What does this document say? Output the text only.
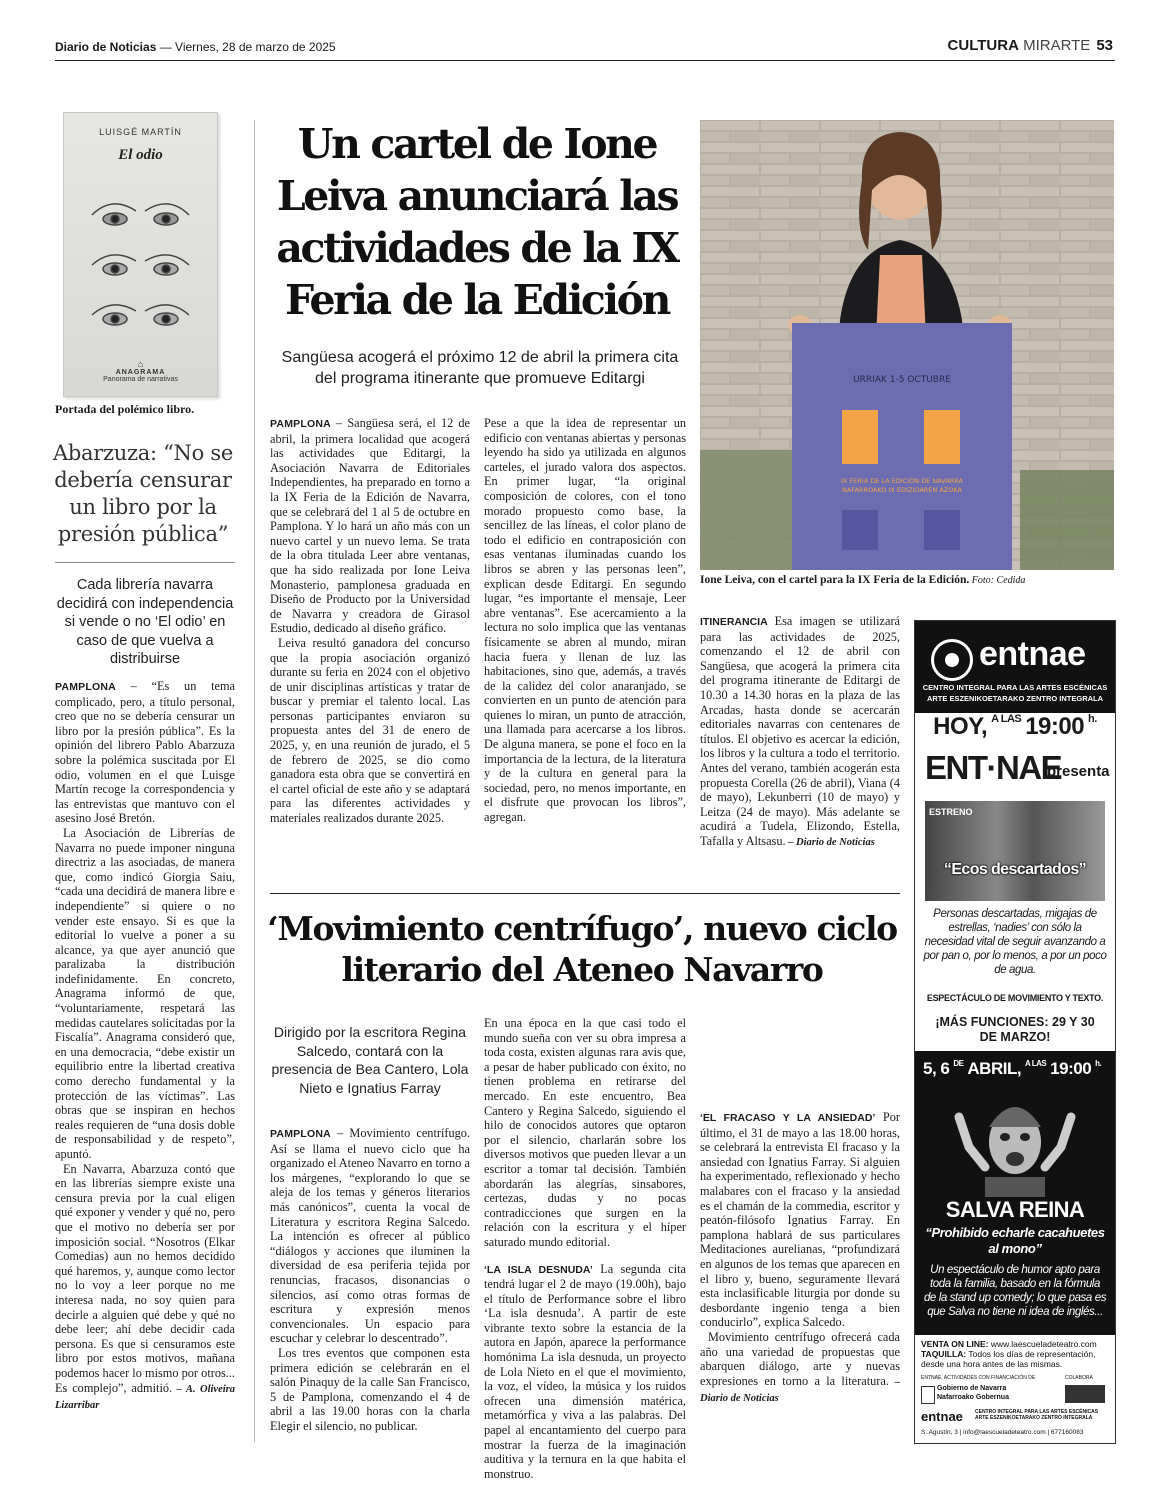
Diario de Noticias — Viernes, 28 de marzo de 2025	CULTURA MIRARTE 53
LUISGÉ MARTÍN
El odio
⌂
ANAGRAMA
Panorama de narrativas
Portada del polémico libro.
Abarzuza: “No se debería censurar un libro por la presión pública”
Cada librería navarra decidirá con independencia si vende o no ‘El odio’ en caso de que vuelva a distribuirse

PAMPLONA – “Es un tema complicado, pero, a título personal, creo que no se debería censurar un libro por la presión pública”. Es la opinión del librero Pablo Abarzuza sobre la polémica suscitada por El odio, volumen en el que Luisge Martín recoge la correspondencia y las entrevistas que mantuvo con el asesino José Bretón.

La Asociación de Librerías de Navarra no puede imponer ninguna directriz a las asociadas, de manera que, como indicó Giorgia Saiu, “cada una decidirá de manera libre e independiente” si quiere o no vender este ensayo. Si es que la editorial lo vuelve a poner a su alcance, ya que ayer anunció que paralizaba la distribución indefinidamente. En concreto, Anagrama informó de que, “voluntariamente, respetará las medidas cautelares solicitadas por la Fiscalía”. Anagrama consideró que, en una democracia, “debe existir un equilibrio entre la libertad creativa como derecho fundamental y la protección de las víctimas”. Las obras que se inspiran en hechos reales requieren de “una dosis doble de responsabilidad y de respeto”, apuntó.

En Navarra, Abarzuza contó que en las librerías siempre existe una censura previa por la cual eligen qué exponer y vender y qué no, pero que el motivo no debería ser por imposición social. “Nosotros (Elkar Comedias) aun no hemos decidido qué haremos, y, aunque como lector no lo voy a leer porque no me interesa nada, no soy quien para decirle a alguien qué debe y qué no debe leer; ahí debe decidir cada persona. Es que si censuramos este libro por estos motivos, mañana podemos hacer lo mismo por otros... Es complejo”, admitió. – A. Oliveira Lizarribar

Un cartel de Ione Leiva anunciará las actividades de la IX Feria de la Edición
Sangüesa acogerá el próximo 12 de abril la primera cita del programa itinerante que promueve Editargi

PAMPLONA – Sangüesa será, el 12 de abril, la primera localidad que acogerá las actividades que Editargi, la Asociación Navarra de Editoriales Independientes, ha preparado en torno a la IX Feria de la Edición de Navarra, que se celebrará del 1 al 5 de octubre en Pamplona. Y lo hará un año más con un nuevo cartel y un nuevo lema. Se trata de la obra titulada Leer abre ventanas, que ha sido realizada por Ione Leiva Monasterio, pamplonesa graduada en Diseño de Producto por la Universidad de Navarra y creadora de Girasol Estudio, dedicado al diseño gráfico.

Leiva resultó ganadora del concurso que la propia asociación organizó durante su feria en 2024 con el objetivo de unir disciplinas artísticas y tratar de buscar y premiar el talento local. Las personas participantes enviaron su propuesta antes del 31 de enero de 2025, y, en una reunión de jurado, el 5 de febrero de 2025, se dio como ganadora esta obra que se convertirá en el cartel oficial de este año y se adaptará para las diferentes actividades y materiales realizados durante 2025.

Pese a que la idea de representar un edificio con ventanas abiertas y personas leyendo ha sido ya utilizada en algunos carteles, el jurado valora dos aspectos. En primer lugar, “la original composición de colores, con el tono morado propuesto como base, la sencillez de las líneas, el color plano de todo el edificio en contraposición con esas ventanas iluminadas cuando los libros se abren y las personas leen”, explican desde Editargi. En segundo lugar, “es importante el mensaje, Leer abre ventanas”. Ese acercamiento a la lectura no solo implica que las ventanas físicamente se abren al mundo, miran hacia fuera y llenan de luz las habitaciones, sino que, además, a través de la calidez del color anaranjado, se convierten en un punto de atención para quienes lo miran, un punto de atracción, una llamada para acercarse a los libros. De alguna manera, se pone el foco en la importancia de la lectura, de la literatura y de la cultura en general para la sociedad, pero, no menos importante, en el disfrute que provocan los libros”, agregan.

URRIAK 1-5 OCTUBRE
IX FERIA DE LA EDICIÓN DE NAVARRA
NAFARROAKO IX EDIZIOAREN AZOKA
Ione Leiva, con el cartel para la IX Feria de la Edición. Foto: Cedida

ITINERANCIA Esa imagen se utilizará para las actividades de 2025, comenzando el 12 de abril con Sangüesa, que acogerá la primera cita del programa itinerante de Editargi de 10.30 a 14.30 horas en la plaza de las Arcadas, hasta donde se acercarán editoriales navarras con centenares de títulos. El objetivo es acercar la edición, los libros y la cultura a todo el territorio. Antes del verano, también acogerán esta propuesta Corella (26 de abril), Viana (4 de mayo), Lekunberri (10 de mayo) y Leitza (24 de mayo). Más adelante se acudirá a Tudela, Elizondo, Estella, Tafalla y Altsasu. – Diario de Noticias

‘Movimiento centrífugo’, nuevo ciclo literario del Ateneo Navarro
Dirigido por la escritora Regina Salcedo, contará con la presencia de Bea Cantero, Lola Nieto e Ignatius Farray

PAMPLONA – Movimiento centrífugo. Así se llama el nuevo ciclo que ha organizado el Ateneo Navarro en torno a los márgenes, “explorando lo que se aleja de los temas y géneros literarios más canónicos”, cuenta la vocal de Literatura y escritora Regina Salcedo. La intención es ofrecer al público “diálogos y acciones que iluminen la diversidad de esa periferia tejida por renuncias, fracasos, disonancias o silencios, así como otras formas de escritura y expresión menos convencionales. Un espacio para escuchar y celebrar lo descentrado”.

Los tres eventos que componen esta primera edición se celebrarán en el salón Pinaquy de la calle San Francisco, 5 de Pamplona, comenzando el 4 de abril a las 19.00 horas con la charla Elegir el silencio, no publicar.

En una época en la que casi todo el mundo sueña con ver su obra impresa a toda costa, existen algunas rara avis que, a pesar de haber publicado con éxito, no tienen problema en retirarse del mercado. En este encuentro, Bea Cantero y Regina Salcedo, siguiendo el hilo de conocidos autores que optaron por el silencio, charlarán sobre los diversos motivos que pueden llevar a un escritor a tomar tal decisión. También abordarán las alegrías, sinsabores, certezas, dudas y no pocas contradicciones que surgen en la relación con la escritura y el híper saturado mundo editorial.

‘LA ISLA DESNUDA’ La segunda cita tendrá lugar el 2 de mayo (19.00h), bajo el título de Performance sobre el libro ‘La isla desnuda’. A partir de este vibrante texto sobre la estancia de la autora en Japón, aparece la performance homónima La isla desnuda, un proyecto de Lola Nieto en el que el movimiento, la voz, el vídeo, la música y los ruidos ofrecen una dimensión matérica, metamórfica y viva a las palabras. Del papel al encantamiento del cuerpo para mostrar la fuerza de la imaginación auditiva y la ternura en la que habita el monstruo.

‘EL FRACASO Y LA ANSIEDAD’ Por último, el 31 de mayo a las 18.00 horas, se celebrará la entrevista El fracaso y la ansiedad con Ignatius Farray. Si alguien ha experimentado, reflexionado y hecho malabares con el fracaso y la ansiedad es el chamán de la commedia, escritor y peatón-filósofo Ignatius Farray. En pamplona hablará de sus particulares Meditaciones aurelianas, “profundizará en algunos de los temas que aparecen en el libro y, bueno, seguramente llevará esta inclasificable liturgia por donde su desbordante ingenio tenga a bien conducirlo”, explica Salcedo.

Movimiento centrífugo ofrecerá cada año una variedad de propuestas que abarquen diálogo, arte y nuevas expresiones en torno a la literatura. – Diario de Noticias

entnae
CENTRO INTEGRAL PARA LAS ARTES ESCÉNICAS
ARTE ESZENIKOETARAKO ZENTRO INTEGRALA
HOY, $^{A LAS}$ 19:00 $^{h.}$
ENT·NAE
presenta
ESTRENO
“Ecos descartados”
Personas descartadas, migajas de estrellas, ‘nadies’ con sólo la necesidad vital de seguir avanzando a por pan o, por lo menos, a por un poco de agua.
ESPECTÁCULO DE MOVIMIENTO Y TEXTO.
¡MÁS FUNCIONES: 29 Y 30 DE MARZO!
5, 6 $^{DE}$ ABRIL, $^{A LAS}$ 19:00 $^{h.}$
SALVA REINA
“Prohibido echarle cacahuetes al mono”
Un espectáculo de humor apto para toda la familia, basado en la fórmula de la stand up comedy; lo que pasa es que Salva no tiene ni idea de inglés...
VENTA ON LINE: www.laescueladeteatro.com
TAQUILLA: Todos los días de representación, desde una hora antes de las mismas.
ENTNAE, ACTIVIDADES CON FINANCIACIÓN DE	COLABORA
Gobierno de Navarra
Nafarroako Gobernua
entnae CENTRO INTEGRAL PARA LAS ARTES ESCÉNICAS
ARTE ESZENIKOETARAKO ZENTRO INTEGRALA
S. Agustín, 3 | info@laescueladeteatro.com | 677160083
